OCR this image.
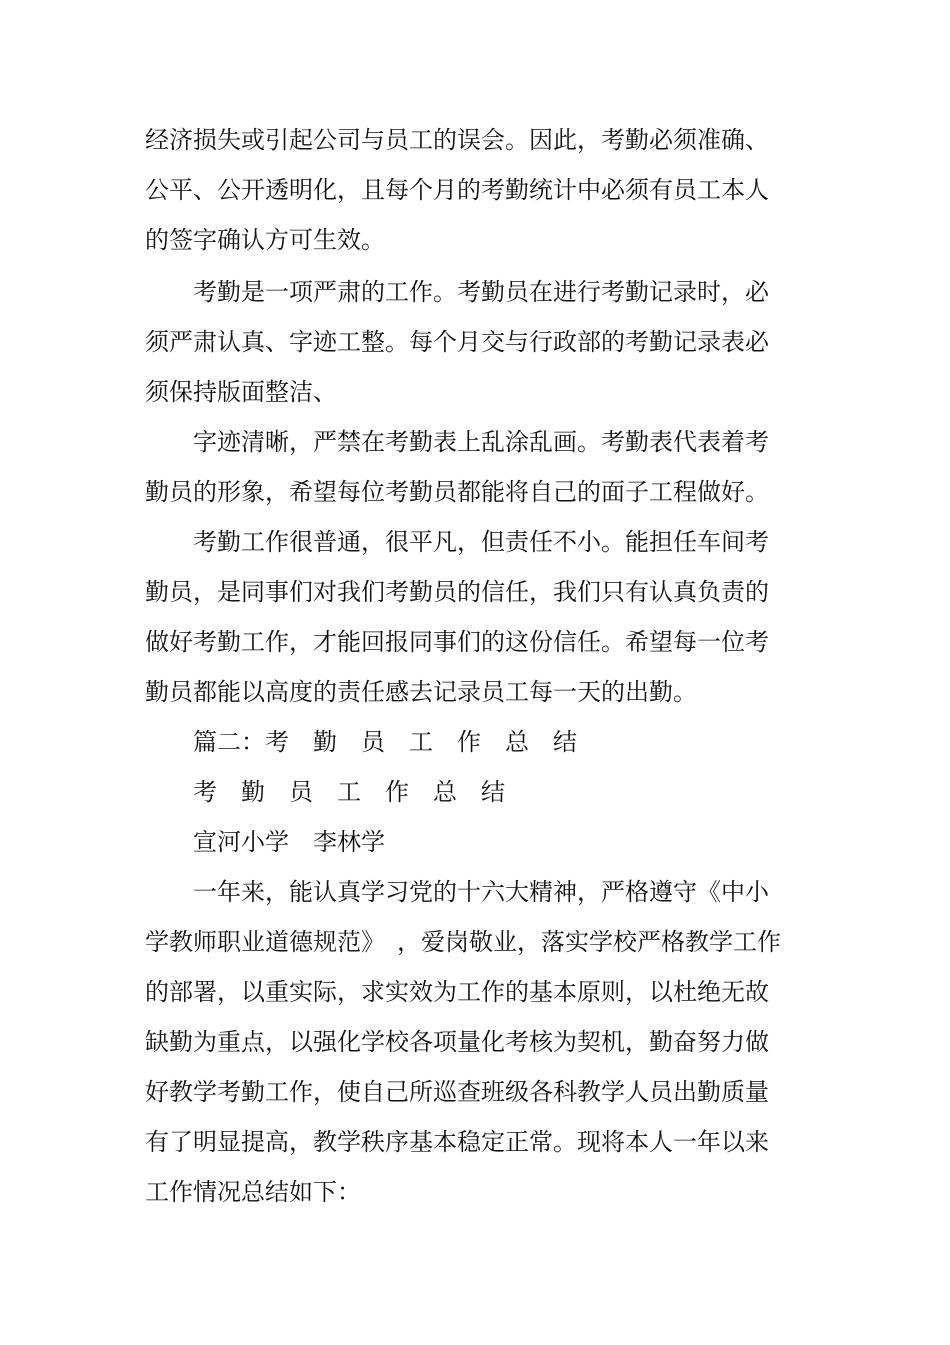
经济损失或引起公司与员工的误会。因此，考勤必须准确、

公平、公开透明化，且每个月的考勤统计中必须有员工本人

的签字确认方可生效。

考勤是一项严肃的工作。考勤员在进行考勤记录时，必

须严肃认真、字迹工整。每个月交与行政部的考勤记录表必

须保持版面整洁、

字迹清晰，严禁在考勤表上乱涂乱画。考勤表代表着考

勤员的形象，希望每位考勤员都能将自己的面子工程做好。

考勤工作很普通，很平凡，但责任不小。能担任车间考

勤员，是同事们对我们考勤员的信任，我们只有认真负责的

做好考勤工作，才能回报同事们的这份信任。希望每一位考

勤员都能以高度的责任感去记录员工每一天的出勤。

篇二：考　勤　员　工　作　总　结

考　勤　员　工　作　总　结

宣河小学　李林学

一年来，能认真学习党的十六大精神，严格遵守《中小

学教师职业道德规范》　，爱岗敬业，落实学校严格教学工作

的部署，以重实际，求实效为工作的基本原则，以杜绝无故

缺勤为重点，以强化学校各项量化考核为契机，勤奋努力做

好教学考勤工作，使自己所巡查班级各科教学人员出勤质量

有了明显提高，教学秩序基本稳定正常。现将本人一年以来

工作情况总结如下：
